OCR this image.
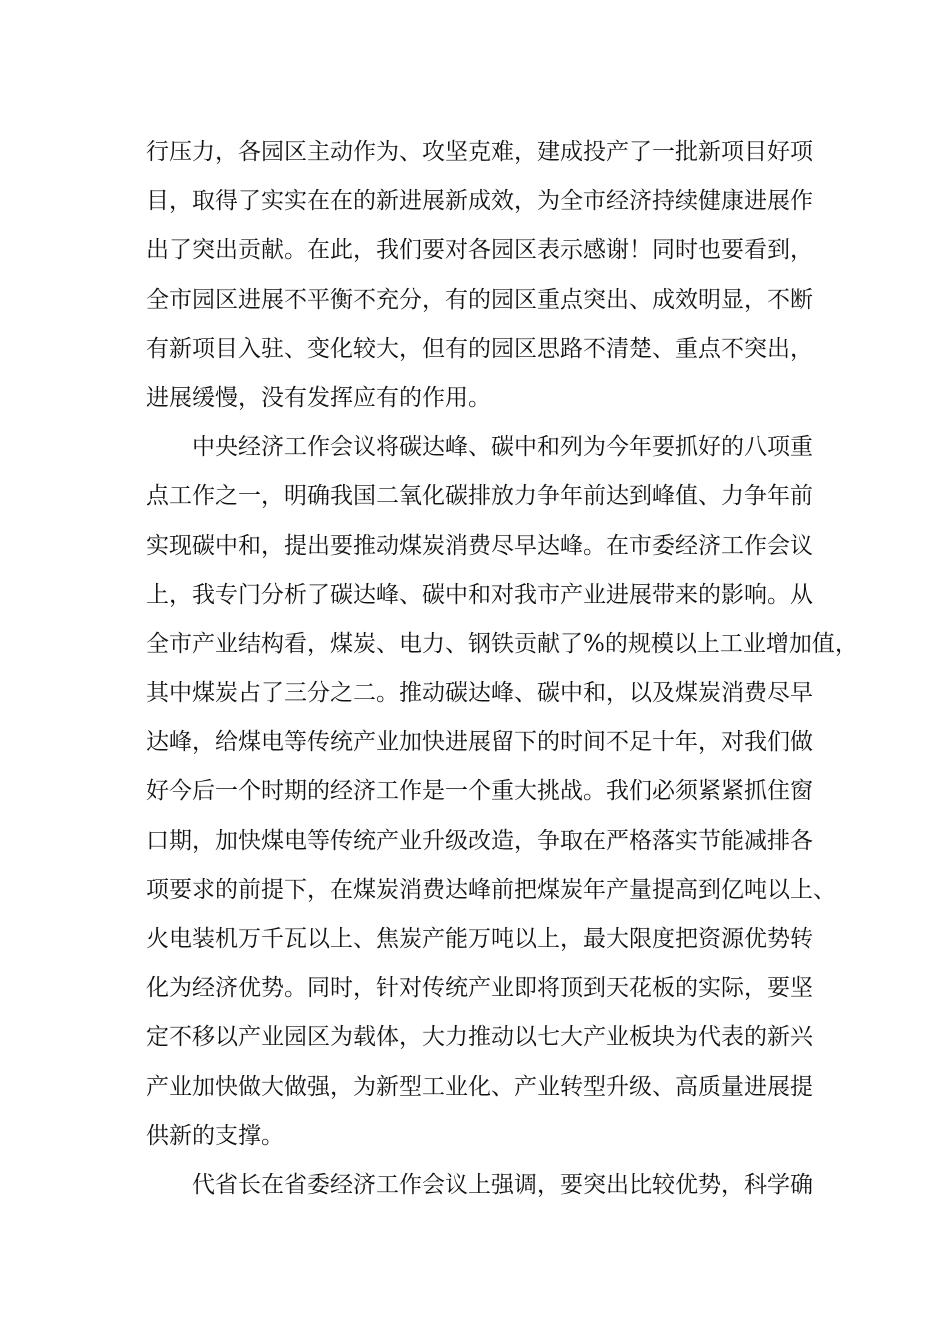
行压力，各园区主动作为、攻坚克难，建成投产了一批新项目好项
目，取得了实实在在的新进展新成效，为全市经济持续健康进展作
出了突出贡献。在此，我们要对各园区表示感谢！同时也要看到，
全市园区进展不平衡不充分，有的园区重点突出、成效明显，不断
有新项目入驻、变化较大，但有的园区思路不清楚、重点不突出，
进展缓慢，没有发挥应有的作用。
中央经济工作会议将碳达峰、碳中和列为今年要抓好的八项重
点工作之一，明确我国二氧化碳排放力争年前达到峰值、力争年前
实现碳中和，提出要推动煤炭消费尽早达峰。在市委经济工作会议
上，我专门分析了碳达峰、碳中和对我市产业进展带来的影响。从
全市产业结构看，煤炭、电力、钢铁贡献了%的规模以上工业增加值，
其中煤炭占了三分之二。推动碳达峰、碳中和，以及煤炭消费尽早
达峰，给煤电等传统产业加快进展留下的时间不足十年，对我们做
好今后一个时期的经济工作是一个重大挑战。我们必须紧紧抓住窗
口期，加快煤电等传统产业升级改造，争取在严格落实节能减排各
项要求的前提下，在煤炭消费达峰前把煤炭年产量提高到亿吨以上、
火电装机万千瓦以上、焦炭产能万吨以上，最大限度把资源优势转
化为经济优势。同时，针对传统产业即将顶到天花板的实际，要坚
定不移以产业园区为载体，大力推动以七大产业板块为代表的新兴
产业加快做大做强，为新型工业化、产业转型升级、高质量进展提
供新的支撑。
代省长在省委经济工作会议上强调，要突出比较优势，科学确
